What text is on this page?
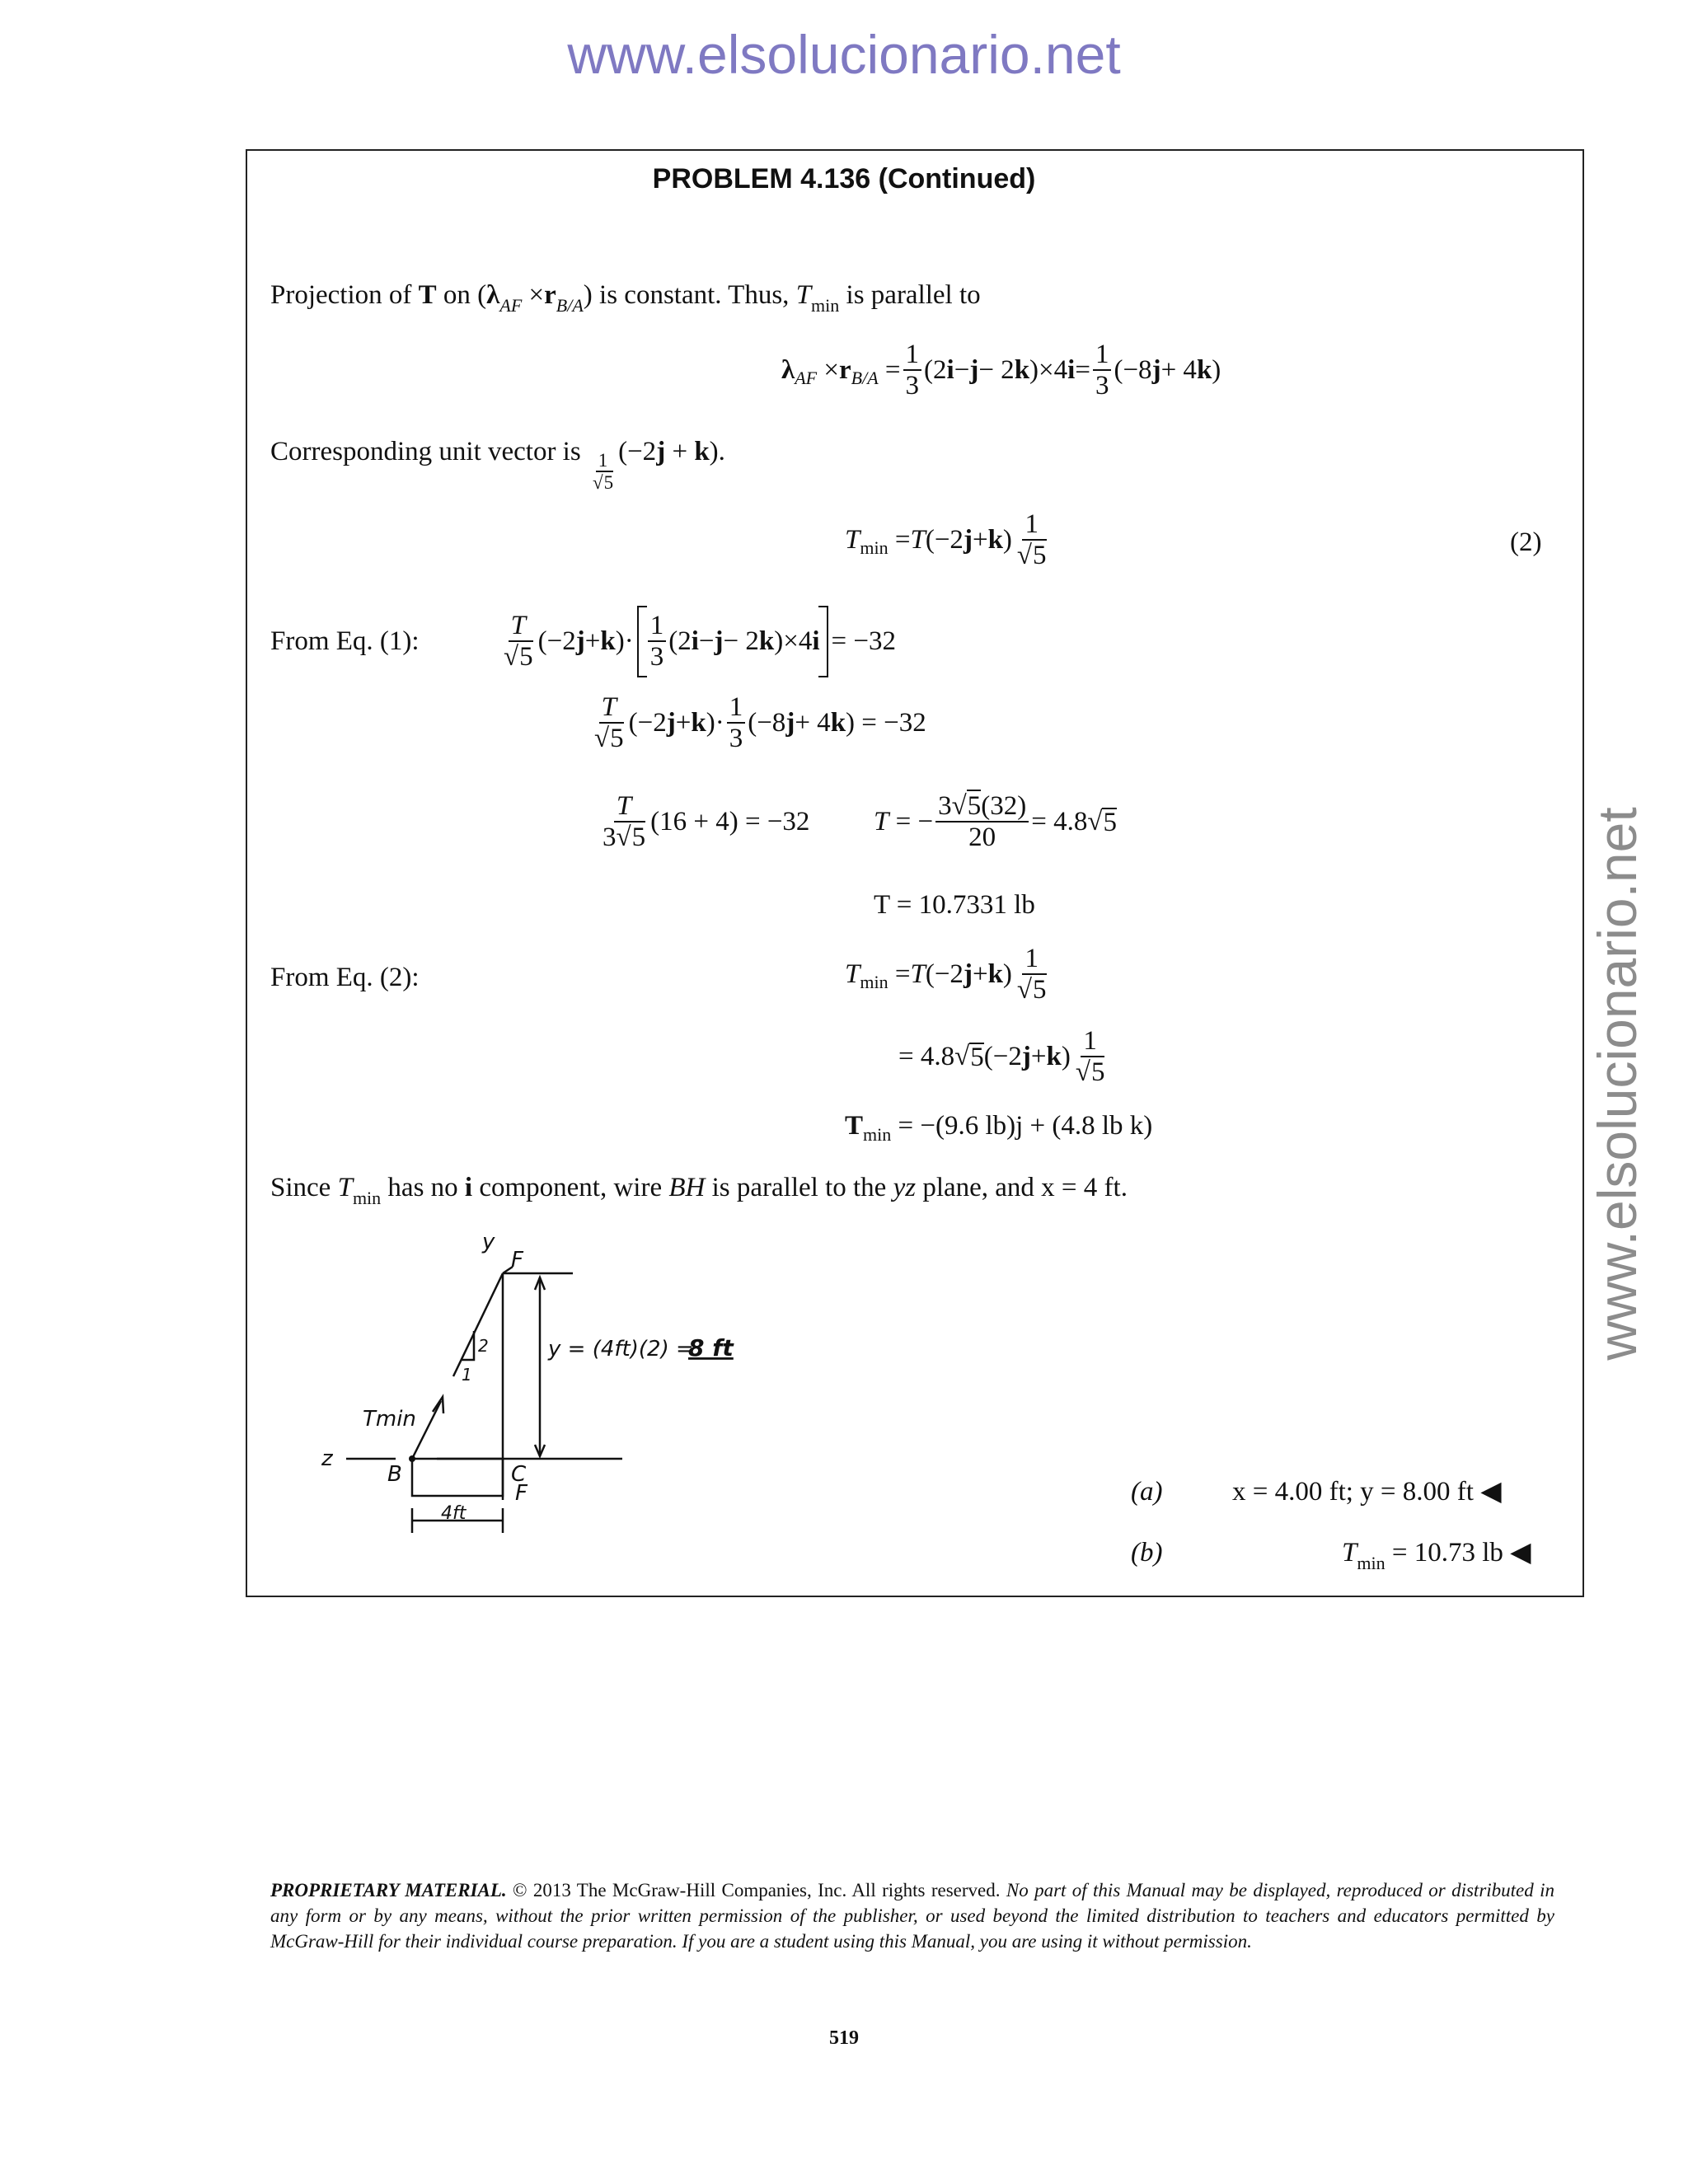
www.elsolucionario.net
www.elsolucionario.net
PROBLEM 4.136 (Continued)
Projection of T on $(\lambda_{AF} \times r_{B/A})$ is constant. Thus, $T_{min}$ is parallel to
λ AF × r $B/A = \frac{1}{3} (2$ i − j − 2 k )×4 $i = \frac{1}{3} (-8$ j + 4 k )
Corresponding unit vector is $\frac{1}{√5} (-2j + k)$.
T min = T (−2 j + k ) $\frac{1}{√5}$	(2)
From Eq. (1):	$\frac{T}{√5} (-2$ j + k )· $\frac{1}{3} (2$ i − j − 2 k )×4 i = −32
$\frac{T}{√5} (-2$ j + k )· $\frac{1}{3} (-8$ j + 4 k ) = −32
$\frac{T}{3√5} (16 + 4) = -32$ T = − $\frac{3√5(32)}{20} = 4.8$ √ 5
T = 10.7331 lb
From Eq. (2):	T min = T (−2 j + k ) $\frac{1}{√5}$
= 4.8√ 5 (−2 j + k ) $\frac{1}{√5}$
T min
= −(9.6 lb)j + (4.8 lb k)
Since $T_{min}$ has no i component, wire BH is parallel to the yz plane, and x = 4 ft.
y
F
z
B	C
F
Tmin
1
2
4ft
y = (4ft)(2) =
8 ft
(a)	x = 4.00 ft; y = 8.00 ft ◀
(b)	$T_{min} = 10.73$ lb ◀
PROPRIETARY MATERIAL. © 2013 The McGraw-Hill Companies, Inc. All rights reserved. No part of this Manual may be displayed, reproduced or distributed in any form or by any means, without the prior written permission of the publisher, or used beyond the limited distribution to teachers and educators permitted by McGraw-Hill for their individual course preparation. If you are a student using this Manual, you are using it without permission.
519
